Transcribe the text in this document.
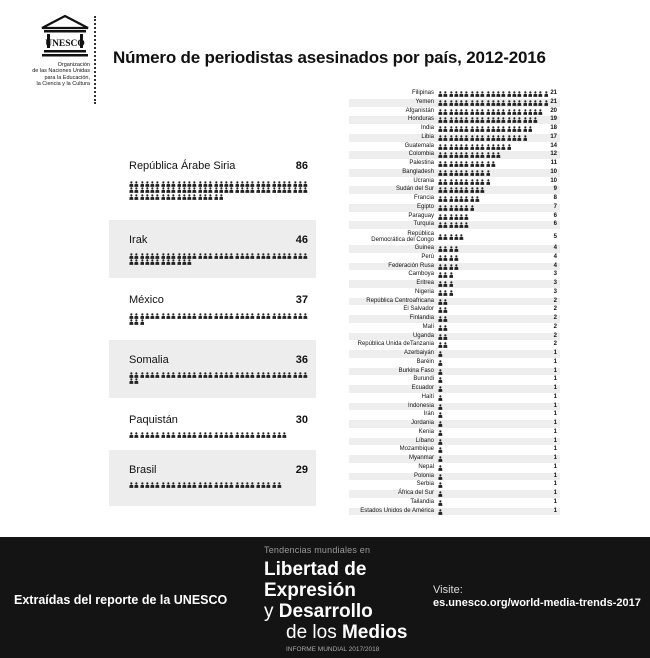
UNESCO
Organización
de las Naciones Unidas
para la Educación,
la Ciencia y la Cultura
Número de periodistas asesinados por país, 2012-2016
República Árabe Siria	86
Irak	46
México	37
Somalia	36
Paquistán	30
Brasil	29
Filipinas	21
Yemen	21
Afganistán	20
Honduras	19
India	18
Libia	17
Guatemala	14
Colombia	12
Palestina	11
Bangladesh	10
Ucrania	10
Sudán del Sur	9
Francia	8
Egipto	7
Paraguay	6
Turquía	6
República
Democrática del Congo
5
Guinea	4
Perú	4
Federación Rusa	4
Camboya	3
Eritrea	3
Nigeria	3
República Centroafricana	2
El Salvador	2
Finlandia	2
Malí	2
Uganda	2
República Unida deTanzania	2
Azerbaiyán	1
Baréin	1
Burkina Faso	1
Burundi	1
Ecuador	1
Haití	1
Indonesia	1
Irán	1
Jordania	1
Kenia	1
Líbano	1
Mozambique	1
Myanmar	1
Nepal	1
Polonia	1
Serbia	1
África del Sur	1
Tailandia	1
Estados Unidos de América	1
Extraídas del reporte de la UNESCO
Tendencias mundiales en
Libertad de
Expresión
y Desarrollo
de los Medios
INFORME MUNDIAL 2017/2018
Visite:
es.unesco.org/world-media-trends-2017
